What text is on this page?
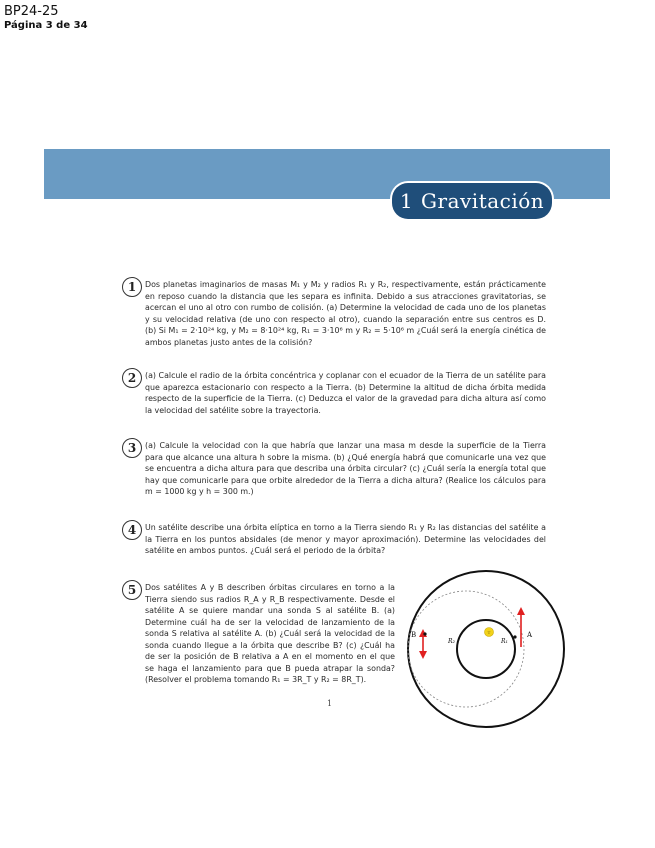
BP24-25
Página 3 de 34
1 Gravitación
1	Dos planetas imaginarios de masas M₁ y M₂ y radios R₁ y R₂, respectivamente, están prácticamente en reposo cuando la distancia que les separa es infinita. Debido a sus atracciones gravitatorias, se acercan el uno al otro con rumbo de colisión. (a) Determine la velocidad de cada uno de los planetas y su velocidad relativa (de uno con respecto al otro), cuando la separación entre sus centros es D. (b) Si M₁ = 2·10²⁴ kg, y M₂ = 8·10²⁴ kg, R₁ = 3·10⁶ m y R₂ = 5·10⁶ m ¿Cuál será la energía cinética de ambos planetas justo antes de la colisión?
2	(a) Calcule el radio de la órbita concéntrica y coplanar con el ecuador de la Tierra de un satélite para que aparezca estacionario con respecto a la Tierra. (b) Determine la altitud de dicha órbita medida respecto de la superficie de la Tierra. (c) Deduzca el valor de la gravedad para dicha altura así como la velocidad del satélite sobre la trayectoria.
3	(a) Calcule la velocidad con la que habría que lanzar una masa m desde la superficie de la Tierra para que alcance una altura h sobre la misma. (b) ¿Qué energía habrá que comunicarle una vez que se encuentra a dicha altura para que describa una órbita circular? (c) ¿Cuál sería la energía total que hay que comunicarle para que orbite alrededor de la Tierra a dicha altura? (Realice los cálculos para m = 1000 kg y h = 300 m.)
4	Un satélite describe una órbita elíptica en torno a la Tierra siendo R₁ y R₂ las distancias del satélite a la Tierra en los puntos absidales (de menor y mayor aproximación). Determine las velocidades del satélite en ambos puntos. ¿Cuál será el periodo de la órbita?
5	Dos satélites A y B describen órbitas circulares en torno a la Tierra siendo sus radios R_A y R_B respectivamente. Desde el satélite A se quiere mandar una sonda S al satélite B. (a) Determine cuál ha de ser la velocidad de lanzamiento de la sonda S relativa al satélite A. (b) ¿Cuál será la velocidad de la sonda cuando llegue a la órbita que describe B? (c) ¿Cuál ha de ser la posición de B relativa a A en el momento en el que se haga el lanzamiento para que B pueda atrapar la sonda? (Resolver el problema tomando R₁ = 3R_T y R₂ = 8R_T).
T	A
B
R₁
R₂
1
